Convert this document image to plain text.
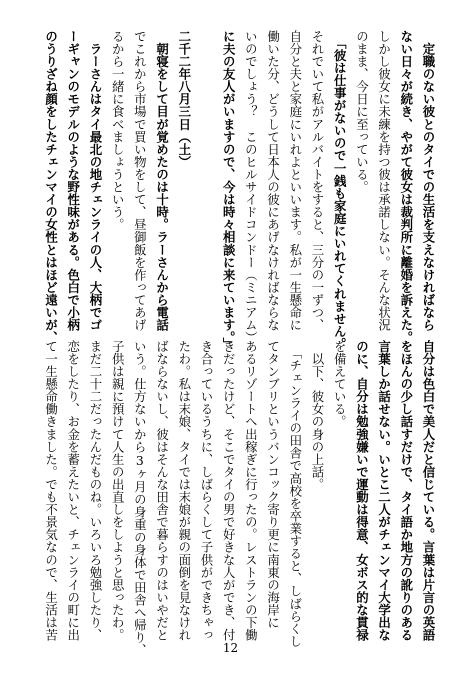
　定職のない彼とのタイでの生活を支えなければなら
ない日々が続き、やがて彼女は裁判所に離婚を訴えた。
しかし彼女に未練を持つ彼は承諾しない。そんな状況
のまま、今日に至っている。
　「彼は仕事がないので一銭も家庭にいれてくれません。
それでいて私がアルバイトをすると、三分の一ずつ、
自分と夫と家庭にいれよといいます。私が一生懸命に
働いた分、どうして日本人の彼にあげなければならな
いのでしょう？　このヒルサイドコンドー（ミニアム）
に夫の友人がいますので、今は時々相談に来ています。」

二千二年八月三日（土）
　朝寝をして目が覚めたのは十時。ラーさんから電話
でこれから市場で買い物をして、昼御飯を作ってあげ
るから一緒に食べましょうという。
　ラーさんはタイ最北の地チェンライの人、大柄でゴ
ーギャンのモデルのような野性味がある。色白で小柄
のうりざね顔をしたチェンマイの女性とはほど遠いが、
自分は色白で美人だと信じている。言葉は片言の英語
をほんの少し話すだけで、タイ語か地方の訛りのある
言葉しか話せない。いとこ二人がチェンマイ大学出な
のに、自分は勉強嫌いで運動は得意、女ボス的な貫禄
を備えている。
　以下、彼女の身の上話。
　「チェンライの田舎で高校を卒業すると、しばらくし
てタンブリというバンコック寄り更に南東の海岸に
あるリゾートへ出稼ぎに行ったの。レストランの下働
きだったけど、そこでタイの男で好きな人ができ、付
き合っているうちに、しばらくして子供ができちゃっ
たわ。私は末娘、タイでは末娘が親の面倒を見なけれ
ばならないし、彼はそんな田舎で暮らすのはいやだと
いう。仕方ないから3ヶ月の身重の身体で田舎へ帰り、
子供は親に預けて人生の出直しをしようと思ったわ。
まだ二十二だったんだものね。いろいろ勉強したり、
恋をしたり、お金を蓄えたいと、チェンライの町に出
て一生懸命働きました。でも不景気なので、生活は苦
12
